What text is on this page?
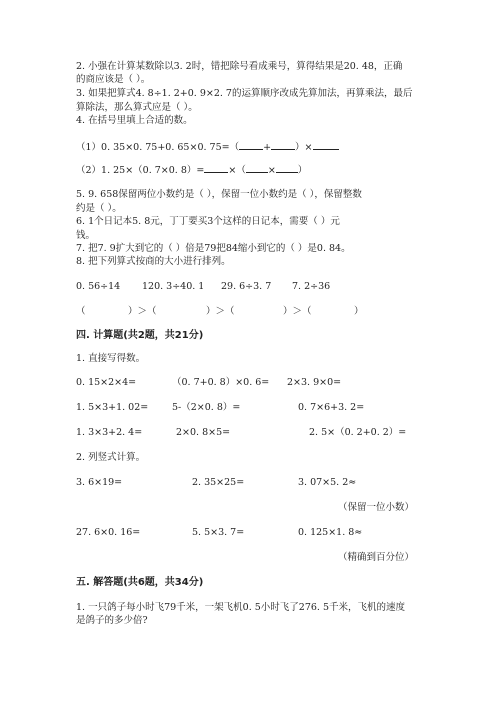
2. 小强在计算某数除以3. 2时，错把除号看成乘号，算得结果是20. 48，正确
的商应该是（ ）。
3. 如果把算式4. 8÷1. 2+0. 9×2. 7的运算顺序改成先算加法，再算乘法，最后
算除法，那么算式应是（ ）。
4. 在括号里填上合适的数。
（1）0. 35×0. 75+0. 65×0. 75=（	+	）×
（2）1. 25×（0. 7×0. 8）=	×（ × ）
5. 9. 658保留两位小数约是（ ），保留一位小数约是（ ），保留整数
约是（ ）。
6. 1个日记本5. 8元，丁丁要买3个这样的日记本，需要（ ）元
钱。
7. 把7. 9扩大到它的（ ）倍是79把84缩小到它的（ ）是0. 84。
8. 把下列算式按商的大小进行排列。
0. 56÷14 120. 3÷40. 1 29. 6÷3. 7 7. 2÷36
（	）＞（	）＞（	）＞（	）
四. 计算题(共2题，共21分)
1. 直接写得数。
0. 15×2×4=	（0. 7+0. 8）×0. 6= 2×3. 9×0=
1. 5×3+1. 02=	5-（2×0. 8）=	0. 7×6+3. 2=
1. 3×3+2. 4=	2×0. 8×5=	2. 5×（0. 2+0. 2）=
2. 列竖式计算。
3. 6×19=	2. 35×25=	3. 07×5. 2≈
（保留一位小数）
27. 6×0. 16=	5. 5×3. 7=	0. 125×1. 8≈
（精确到百分位）
五. 解答题(共6题，共34分)
1. 一只鸽子每小时飞79千米，一架飞机0. 5小时飞了276. 5千米，飞机的速度
是鸽子的多少倍?
